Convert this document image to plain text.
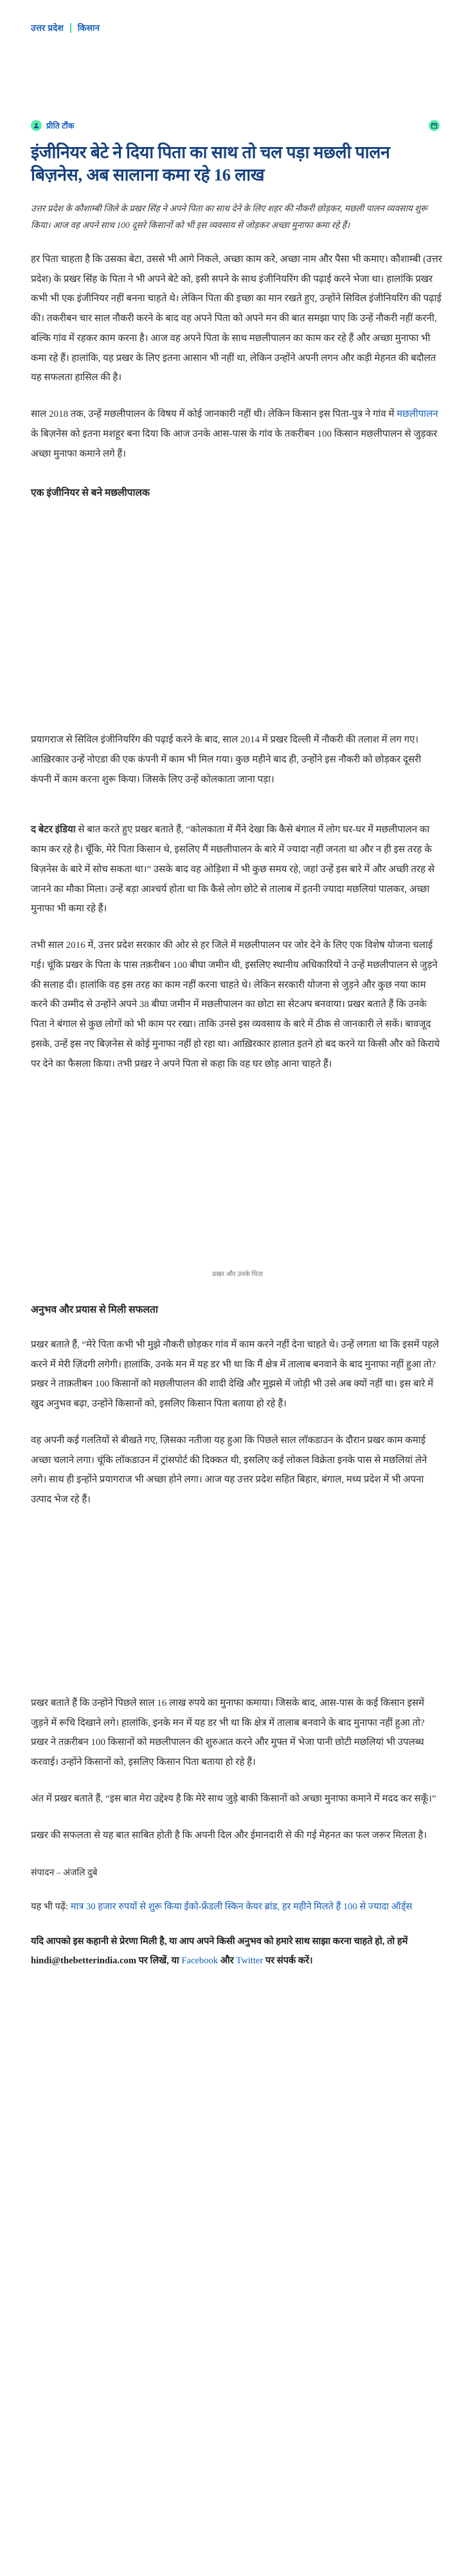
उत्तर प्रदेश किसान
प्रीति टौंक
इंजीनियर बेटे ने दिया पिता का साथ तो चल पड़ा मछली पालन बिज़नेस, अब सालाना कमा रहे 16 लाख
उत्तर प्रदेश के कौशाम्बी जिले के प्रखर सिंह ने अपने पिता का साथ देने के लिए शहर की नौकरी छोड़कर, मछली पालन व्यवसाय शुरू किया। आज वह अपने साथ 100 दूसरे किसानों को भी इस व्यवसाय से जोड़कर अच्छा मुनाफा कमा रहे हैं।

हर पिता चाहता है कि उसका बेटा, उससे भी आगे निकले, अच्छा काम करे, अच्छा नाम और पैसा भी कमाए। कौशाम्बी (उत्तर प्रदेश) के प्रखर सिंह के पिता ने भी अपने बेटे को, इसी सपने के साथ इंजीनियरिंग की पढ़ाई करने भेजा था। हालांकि प्रखर कभी भी एक इंजीनियर नहीं बनना चाहते थे। लेकिन पिता की इच्छा का मान रखते हुए, उन्होंने सिविल इंजीनियरिंग की पढ़ाई की। तकरीबन चार साल नौकरी करने के बाद वह अपने पिता को अपने मन की बात समझा पाए कि उन्हें नौकरी नहीं करनी, बल्कि गांव में रहकर काम करना है। आज वह अपने पिता के साथ मछलीपालन का काम कर रहे हैं और अच्छा मुनाफा भी कमा रहे हैं। हालांकि, यह प्रखर के लिए इतना आसान भी नहीं था, लेकिन उन्होंने अपनी लगन और कड़ी मेहनत की बदौलत यह सफलता हासिल की है।

साल 2018 तक, उन्हें मछलीपालन के विषय में कोई जानकारी नहीं थी। लेकिन किसान इस पिता-पुत्र ने गांव में मछलीपालन के बिज़नेस को इतना मशहूर बना दिया कि आज उनके आस-पास के गांव के तकरीबन 100 किसान मछलीपालन से जुड़कर अच्छा मुनाफा कमाने लगे हैं।

एक इंजीनियर से बने मछलीपालक

प्रयागराज से सिविल इंजीनियरिंग की पढ़ाई करने के बाद, साल 2014 में प्रखर दिल्ली में नौकरी की तलाश में लग गए। आख़िरकार उन्हें नोएडा की एक कंपनी में काम भी मिल गया। कुछ महीने बाद ही, उन्होंने इस नौकरी को छोड़कर दूसरी कंपनी में काम करना शुरू किया। जिसके लिए उन्हें कोलकाता जाना पड़ा।

द बेटर इंडिया से बात करते हुए प्रखर बताते हैं, “कोलकाता में मैंने देखा कि कैसे बंगाल में लोग घर-घर में मछलीपालन का काम कर रहे है। चूँकि, मेरे पिता किसान थे, इसलिए मैं मछलीपालन के बारे में ज्यादा नहीं जनता था और न ही इस तरह के बिज़नेस के बारे में सोच सकता था।” उसके बाद वह ओड़िशा में भी कुछ समय रहे, जहां उन्हें इस बारे में और अच्छी तरह से जानने का मौका मिला। उन्हें बड़ा आश्चर्य होता था कि कैसे लोग छोटे से तालाब में इतनी ज्यादा मछलियां पालकर, अच्छा मुनाफा भी कमा रहे हैं।

तभी साल 2016 में, उत्तर प्रदेश सरकार की ओर से हर जिले में मछलीपालन पर जोर देने के लिए एक विशेष योजना चलाई गई। चूंकि प्रखर के पिता के पास तक़रीबन 100 बीघा जमीन थी, इसलिए स्थानीय अधिकारियों ने उन्हें मछलीपालन से जुड़ने की सलाह दी। हालांकि वह इस तरह का काम नहीं करना चाहते थे। लेकिन सरकारी योजना से जुड़ने और कुछ नया काम करने की उम्मीद से उन्होंने अपने 38 बीघा जमीन में मछलीपालन का छोटा सा सेटअप बनवाया। प्रखर बताते हैं कि उनके पिता ने बंगाल से कुछ लोगों को भी काम पर रखा। ताकि उनसे इस व्यवसाय के बारे में ठीक से जानकारी ले सकें। बावजूद इसके, उन्हें इस नए बिज़नेस से कोई मुनाफा नहीं हो रहा था। आख़िरकार हालात इतने हो बद करने या किसी और को किराये पर देने का फैसला किया। तभी प्रखर ने अपने पिता से कहा कि वह घर छोड़ आना चाहते हैं।

प्रखर और उनके पिता
अनुभव और प्रयास से मिली सफलता

प्रखर बताते हैं, “मेरे पिता कभी भी मुझे नौकरी छोड़कर गांव में काम करने नहीं देना चाहते थे। उन्हें लगता था कि इसमें पहले करने में मेरी ज़िंदगी लगेगी। हालांकि, उनके मन में यह डर भी था कि मैं क्षेत्र में तालाब बनवाने के बाद मुनाफा नहीं हुआ तो? प्रखर ने ताक़तीबन 100 किसानों को मछलीपालन की शादी देखि और मुझसे में जोड़ी भी उसे अब क्यों नहीं था। इस बारे में खुद अनुभव बढ़ा, उन्होंने किसानों को, इसलिए किसान पिता बताया हो रहे हैं।

वह अपनी कई गलतियों से बीखते गए, ज़िसका नतीजा यह हुआ कि पिछले साल लॉकडाउन के दौरान प्रखर काम कमाई अच्छा चलाने लगा। चूंकि लॉकडाउन में ट्रांसपोर्ट की दिक्कत थी, इसलिए कई लोकल विक्रेता इनके पास से मछलियां लेने लगे। साथ ही इन्होंने प्रयागराज भी अच्छा होने लगा। आज यह उत्तर प्रदेश सहित बिहार, बंगाल, मध्य प्रदेश में भी अपना उत्पाद भेज रहे हैं।

प्रखर बताते हैं कि उन्होंने पिछले साल 16 लाख रुपये का मुनाफा कमाया। जिसके बाद, आस-पास के कई किसान इसमें जुड़ने में रूचि दिखाने लगे। हालांकि, इनके मन में यह डर भी था कि क्षेत्र में तालाब बनवाने के बाद मुनाफा नहीं हुआ तो? प्रखर ने तक़रीबन 100 किसानों को मछलीपालन की शुरुआत करने और मुफ्त में भेजा पानी छोटी मछलियां भी उपलब्ध करवाई। उन्होंने किसानों को, इसलिए किसान पिता बताया हो रहे हैं।

अंत में प्रखर बताते हैं, “इस बात मेरा उद्देश्य है कि मेरे साथ जुड़े बाकी किसानों को अच्छा मुनाफा कमाने में मदद कर सकूँ।”

प्रखर की सफलता से यह बात साबित होती है कि अपनी दिल और ईमानदारी से की गई मेहनत का फल जरूर मिलता है।

संपादन – अंजलि दुबे
यह भी पढ़ें: मात्र 30 हजार रुपयों से शुरू किया ईको-फ्रेंडली स्किन केयर ब्रांड, हर महीने मिलते हैं 100 से ज्यादा ऑर्ड्स
यदि आपको इस कहानी से प्रेरणा मिली है, या आप अपने किसी अनुभव को हमारे साथ साझा करना चाहते हो, तो हमें hindi@thebetterindia.com पर लिखें, या Facebook और Twitter पर संपर्क करें।
